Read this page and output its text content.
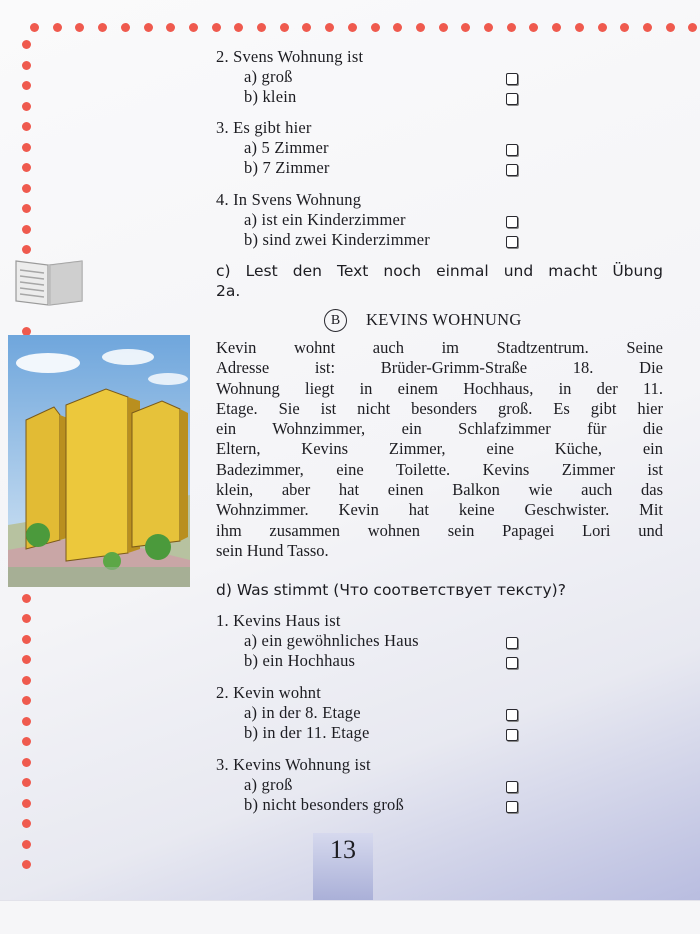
2. Svens Wohnung ist
a) groß
b) klein
3. Es gibt hier
a) 5 Zimmer
b) 7 Zimmer
4. In Svens Wohnung
a) ist ein Kinderzimmer
b) sind zwei Kinderzimmer
c) Lest den Text noch einmal und macht Übung
2a.
B	KEVINS WOHNUNG
Kevin wohnt auch im Stadtzentrum. Seine
Adresse ist: Brüder-Grimm-Straße 18. Die
Wohnung liegt in einem Hochhaus, in der 11.
Etage. Sie ist nicht besonders groß. Es gibt hier
ein Wohnzimmer, ein Schlafzimmer für die
Eltern, Kevins Zimmer, eine Küche, ein
Badezimmer, eine Toilette. Kevins Zimmer ist
klein, aber hat einen Balkon wie auch das
Wohnzimmer. Kevin hat keine Geschwister. Mit
ihm zusammen wohnen sein Papagei Lori und
sein Hund Tasso.
d) Was stimmt (Что соответствует тексту)?
1. Kevins Haus ist
a) ein gewöhnliches Haus
b) ein Hochhaus
2. Kevin wohnt
a) in der 8. Etage
b) in der 11. Etage
3. Kevins Wohnung ist
a) groß
b) nicht besonders groß
13
